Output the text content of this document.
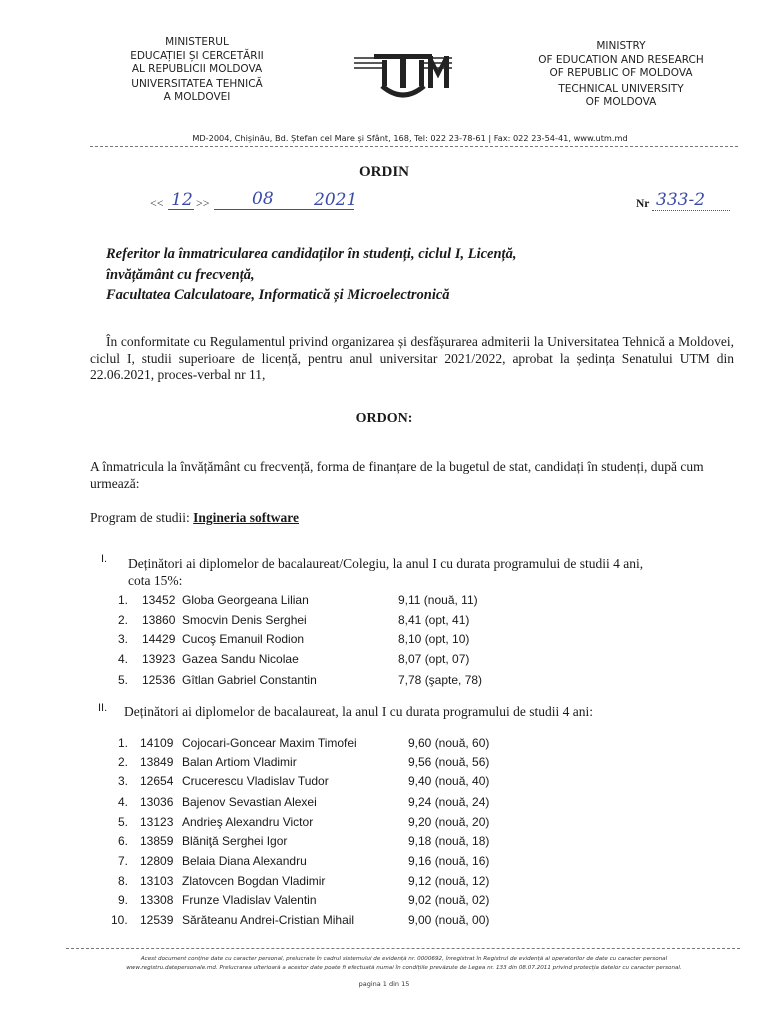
MINISTERUL
EDUCAȚIEI ȘI CERCETĂRII
AL REPUBLICII MOLDOVA
UNIVERSITATEA TEHNICĂ
A MOLDOVEI
MINISTRY
OF EDUCATION AND RESEARCH
OF REPUBLIC OF MOLDOVA
TECHNICAL UNIVERSITY
OF MOLDOVA
MD-2004, Chișinău, Bd. Ștefan cel Mare și Sfânt, 168, Tel: 022 23-78-61 | Fax: 022 23-54-41, www.utm.md
ORDIN
<< 12 >> 08 2021	Nr 333-2
Referitor la înmatricularea candidaților în studenți, ciclul I, Licență,
învățământ cu frecvență,
Facultatea Calculatoare, Informatică și Microelectronică
În conformitate cu Regulamentul privind organizarea și desfășurarea admiterii la Universitatea Tehnică a Moldovei, ciclul I, studii superioare de licență, pentru anul universitar 2021/2022, aprobat la ședința Senatului UTM din 22.06.2021, proces-verbal nr 11,
ORDON:
A înmatricula la învățământ cu frecvență, forma de finanțare de la bugetul de stat, candidați în studenți, după cum urmează:
Program de studii: Ingineria software
I. Deținători ai diplomelor de bacalaureat/Colegiu, la anul I cu durata programului de studii 4 ani,
cota 15%:
1. 13452 Globa Georgeana Lilian	9,11 (nouă, 11)
2. 13860 Smocvin Denis Serghei	8,41 (opt, 41)
3. 14429 Cucoş Emanuil Rodion	8,10 (opt, 10)
4. 13923 Gazea Sandu Nicolae	8,07 (opt, 07)
5. 12536 Gîtlan Gabriel Constantin	7,78 (şapte, 78)
II. Deținători ai diplomelor de bacalaureat, la anul I cu durata programului de studii 4 ani:
1. 14109 Cojocari-Goncear Maxim Timofei	9,60 (nouă, 60)
2. 13849 Balan Artiom Vladimir	9,56 (nouă, 56)
3. 12654 Crucerescu Vladislav Tudor	9,40 (nouă, 40)
4. 13036 Bajenov Sevastian Alexei	9,24 (nouă, 24)
5. 13123 Andrieş Alexandru Victor	9,20 (nouă, 20)
6. 13859 Blăniţă Serghei Igor	9,18 (nouă, 18)
7. 12809 Belaia Diana Alexandru	9,16 (nouă, 16)
8. 13103 Zlatovcen Bogdan Vladimir	9,12 (nouă, 12)
9. 13308 Frunze Vladislav Valentin	9,02 (nouă, 02)
10. 12539 Sărăteanu Andrei-Cristian Mihail	9,00 (nouă, 00)
Acest document conține date cu caracter personal, prelucrate în cadrul sistemului de evidență nr. 0000692, înregistrat în Registrul de evidență al operatorilor de date cu caracter personal
www.registru.datepersonale.md. Prelucrarea ulterioară a acestor date poate fi efectuată numai în condițiile prevăzute de Legea nr. 133 din 08.07.2011 privind protecția datelor cu caracter personal.
pagina 1 din 15
